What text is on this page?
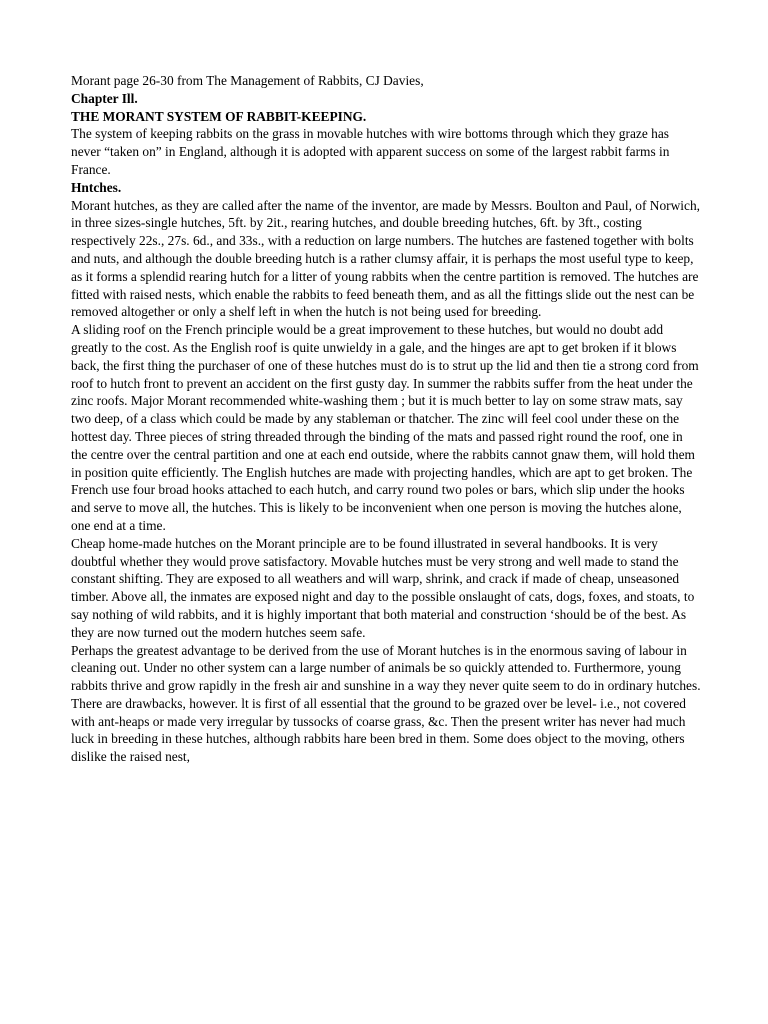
Morant page 26-30 from The Management of Rabbits, CJ Davies,

Chapter Ill.

THE MORANT SYSTEM OF RABBIT-KEEPING.

The system of keeping rabbits on the grass in movable hutches with wire bottoms through which they graze has never “taken on” in England, although it is adopted with apparent success on some of the largest rabbit farms in France.

Hntches.

Morant hutches, as they are called after the name of the inventor, are made by Messrs. Boulton and Paul, of Norwich, in three sizes-single hutches, 5ft. by 2it., rearing hutches, and double breeding hutches, 6ft. by 3ft., costing respectively 22s., 27s. 6d., and 33s., with a reduction on large numbers. The hutches are fastened together with bolts and nuts, and although the double breeding hutch is a rather clumsy affair, it is perhaps the most useful type to keep, as it forms a splendid rearing hutch for a litter of young rabbits when the centre partition is removed. The hutches are fitted with raised nests, which enable the rabbits to feed beneath them, and as all the fittings slide out the nest can be removed altogether or only a shelf left in when the hutch is not being used for breeding.

A sliding roof on the French principle would be a great improvement to these hutches, but would no doubt add greatly to the cost. As the English roof is quite unwieldy in a gale, and the hinges are apt to get broken if it blows back, the first thing the purchaser of one of these hutches must do is to strut up the lid and then tie a strong cord from roof to hutch front to prevent an accident on the first gusty day. In summer the rabbits suffer from the heat under the zinc roofs. Major Morant recommended white-washing them ; but it is much better to lay on some straw mats, say two deep, of a class which could be made by any stableman or thatcher. The zinc will feel cool under these on the hottest day. Three pieces of string threaded through the binding of the mats and passed right round the roof, one in the centre over the central partition and one at each end outside, where the rabbits cannot gnaw them, will hold them in position quite efficiently. The English hutches are made with projecting handles, which are apt to get broken. The French use four broad hooks attached to each hutch, and carry round two poles or bars, which slip under the hooks and serve to move all, the hutches. This is likely to be inconvenient when one person is moving the hutches alone, one end at a time.

Cheap home-made hutches on the Morant principle are to be found illustrated in several handbooks. It is very doubtful whether they would prove satisfactory. Movable hutches must be very strong and well made to stand the constant shifting. They are exposed to all weathers and will warp, shrink, and crack if made of cheap, unseasoned timber. Above all, the inmates are exposed night and day to the possible onslaught of cats, dogs, foxes, and stoats, to say nothing of wild rabbits, and it is highly important that both material and construction ‘should be of the best. As they are now turned out the modern hutches seem safe.

Perhaps the greatest advantage to be derived from the use of Morant hutches is in the enormous saving of labour in cleaning out. Under no other system can a large number of animals be so quickly attended to. Furthermore, young rabbits thrive and grow rapidly in the fresh air and sunshine in a way they never quite seem to do in ordinary hutches. There are drawbacks, however. lt is first of all essential that the ground to be grazed over be level- i.e., not covered with ant-heaps or made very irregular by tussocks of coarse grass, &c. Then the present writer has never had much luck in breeding in these hutches, although rabbits hare been bred in them. Some does object to the moving, others dislike the raised nest,
